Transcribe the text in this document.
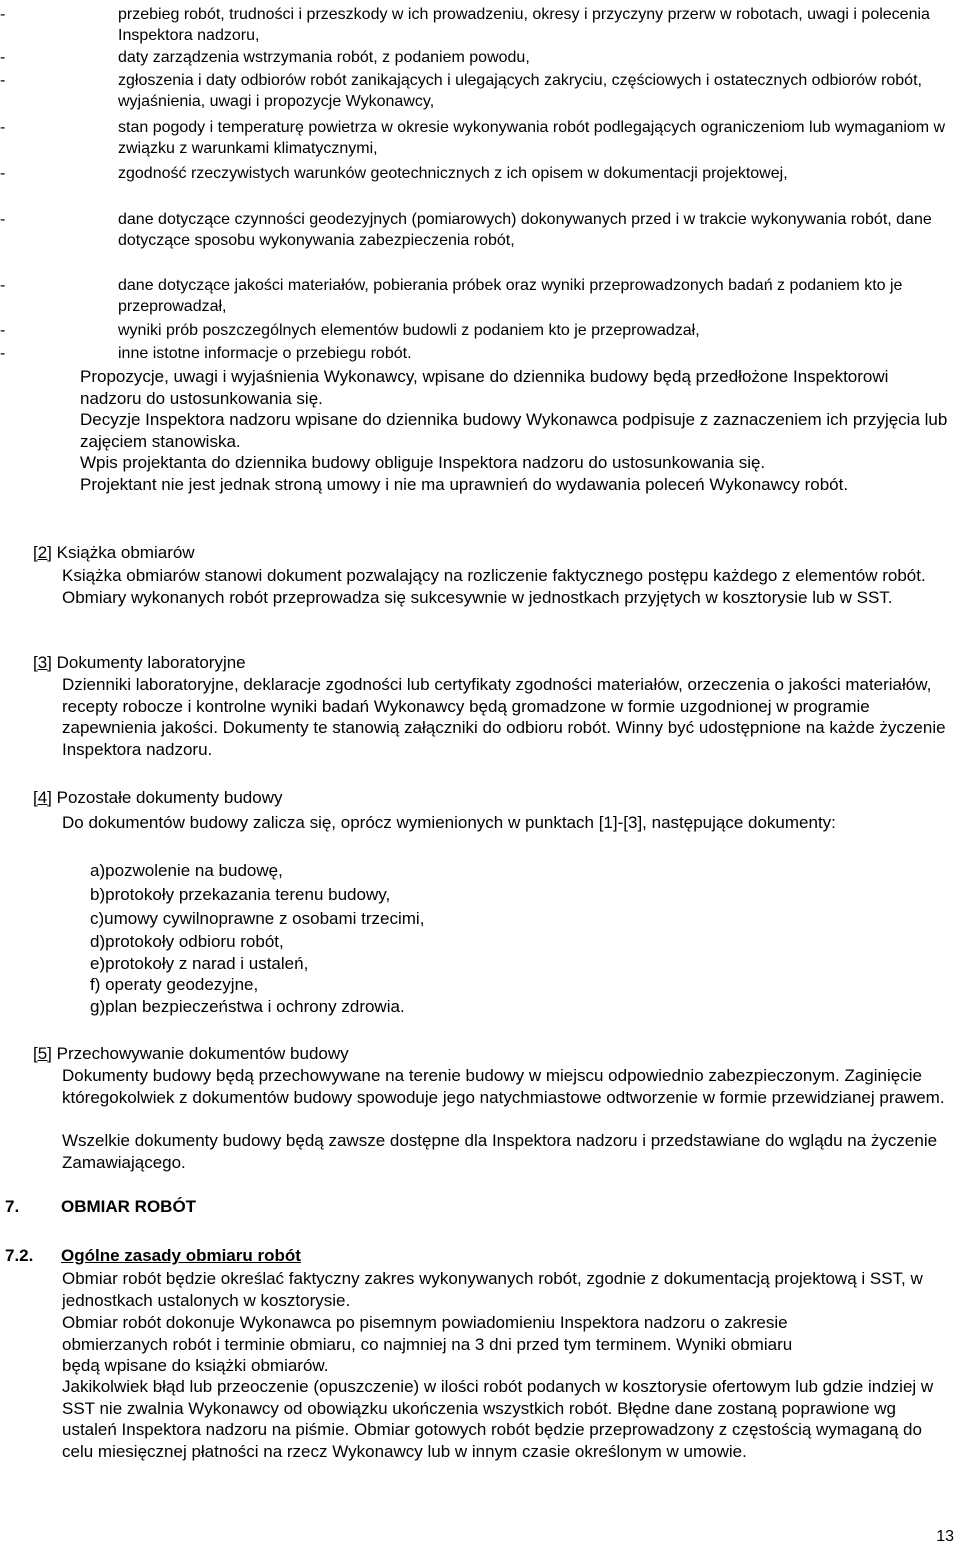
-	przebieg robót, trudności i przeszkody w ich prowadzeniu, okresy i przyczyny przerw w robotach, uwagi i polecenia Inspektora nadzoru,
-	daty zarządzenia wstrzymania robót, z podaniem powodu,
-	zgłoszenia i daty odbiorów robót zanikających i ulegających zakryciu, częściowych i ostatecznych odbiorów robót, wyjaśnienia, uwagi i propozycje Wykonawcy,
-	stan pogody i temperaturę powietrza w okresie wykonywania robót podlegających ograniczeniom lub wymaganiom w związku z warunkami klimatycznymi,
-	zgodność rzeczywistych warunków geotechnicznych z ich opisem w dokumentacji projektowej,
-	dane dotyczące czynności geodezyjnych (pomiarowych) dokonywanych przed i w trakcie wykonywania robót, dane dotyczące sposobu wykonywania zabezpieczenia robót,
-	dane dotyczące jakości materiałów, pobierania próbek oraz wyniki przeprowadzonych badań z podaniem kto je przeprowadzał,
-	wyniki prób poszczególnych elementów budowli z podaniem kto je przeprowadzał,
-	inne istotne informacje o przebiegu robót.
Propozycje, uwagi i wyjaśnienia Wykonawcy, wpisane do dziennika budowy będą przedłożone Inspektorowi nadzoru do ustosunkowania się.
Decyzje Inspektora nadzoru wpisane do dziennika budowy Wykonawca podpisuje z zaznaczeniem ich przyjęcia lub zajęciem stanowiska.
Wpis projektanta do dziennika budowy obliguje Inspektora nadzoru do ustosunkowania się.
Projektant nie jest jednak stroną umowy i nie ma uprawnień do wydawania poleceń Wykonawcy robót.
[2] Książka obmiarów
Książka obmiarów stanowi dokument pozwalający na rozliczenie faktycznego postępu każdego z elementów robót. Obmiary wykonanych robót przeprowadza się sukcesywnie w jednostkach przyjętych w kosztorysie lub w SST.
[3] Dokumenty laboratoryjne
Dzienniki laboratoryjne, deklaracje zgodności lub certyfikaty zgodności materiałów, orzeczenia o jakości materiałów, recepty robocze i kontrolne wyniki badań Wykonawcy będą gromadzone w formie uzgodnionej w programie zapewnienia jakości. Dokumenty te stanowią załączniki do odbioru robót. Winny być udostępnione na każde życzenie Inspektora nadzoru.
[4] Pozostałe dokumenty budowy
Do dokumentów budowy zalicza się, oprócz wymienionych w punktach [1]-[3], następujące dokumenty:
a)pozwolenie na budowę,
b)protokoły przekazania terenu budowy,
c)umowy cywilnoprawne z osobami trzecimi,
d)protokoły odbioru robót,
e)protokoły z narad i ustaleń,
f) operaty geodezyjne,
g)plan bezpieczeństwa i ochrony zdrowia.
[5] Przechowywanie dokumentów budowy
Dokumenty budowy będą przechowywane na terenie budowy w miejscu odpowiednio zabezpieczonym. Zaginięcie któregokolwiek z dokumentów budowy spowoduje jego natychmiastowe odtworzenie w formie przewidzianej prawem.
Wszelkie dokumenty budowy będą zawsze dostępne dla Inspektora nadzoru i przedstawiane do wglądu na życzenie Zamawiającego.
7. OBMIAR ROBÓT
7.2. Ogólne zasady obmiaru robót
Obmiar robót będzie określać faktyczny zakres wykonywanych robót, zgodnie z dokumentacją projektową i SST, w jednostkach ustalonych w kosztorysie.
Obmiar robót dokonuje Wykonawca po pisemnym powiadomieniu Inspektora nadzoru o zakresie obmierzanych robót i terminie obmiaru, co najmniej na 3 dni przed tym terminem. Wyniki obmiaru będą wpisane do książki obmiarów.
Jakikolwiek błąd lub przeoczenie (opuszczenie) w ilości robót podanych w kosztorysie ofertowym lub gdzie indziej w SST nie zwalnia Wykonawcy od obowiązku ukończenia wszystkich robót. Błędne dane zostaną poprawione wg ustaleń Inspektora nadzoru na piśmie. Obmiar gotowych robót będzie przeprowadzony z częstością wymaganą do celu miesięcznej płatności na rzecz Wykonawcy lub w innym czasie określonym w umowie.
13
